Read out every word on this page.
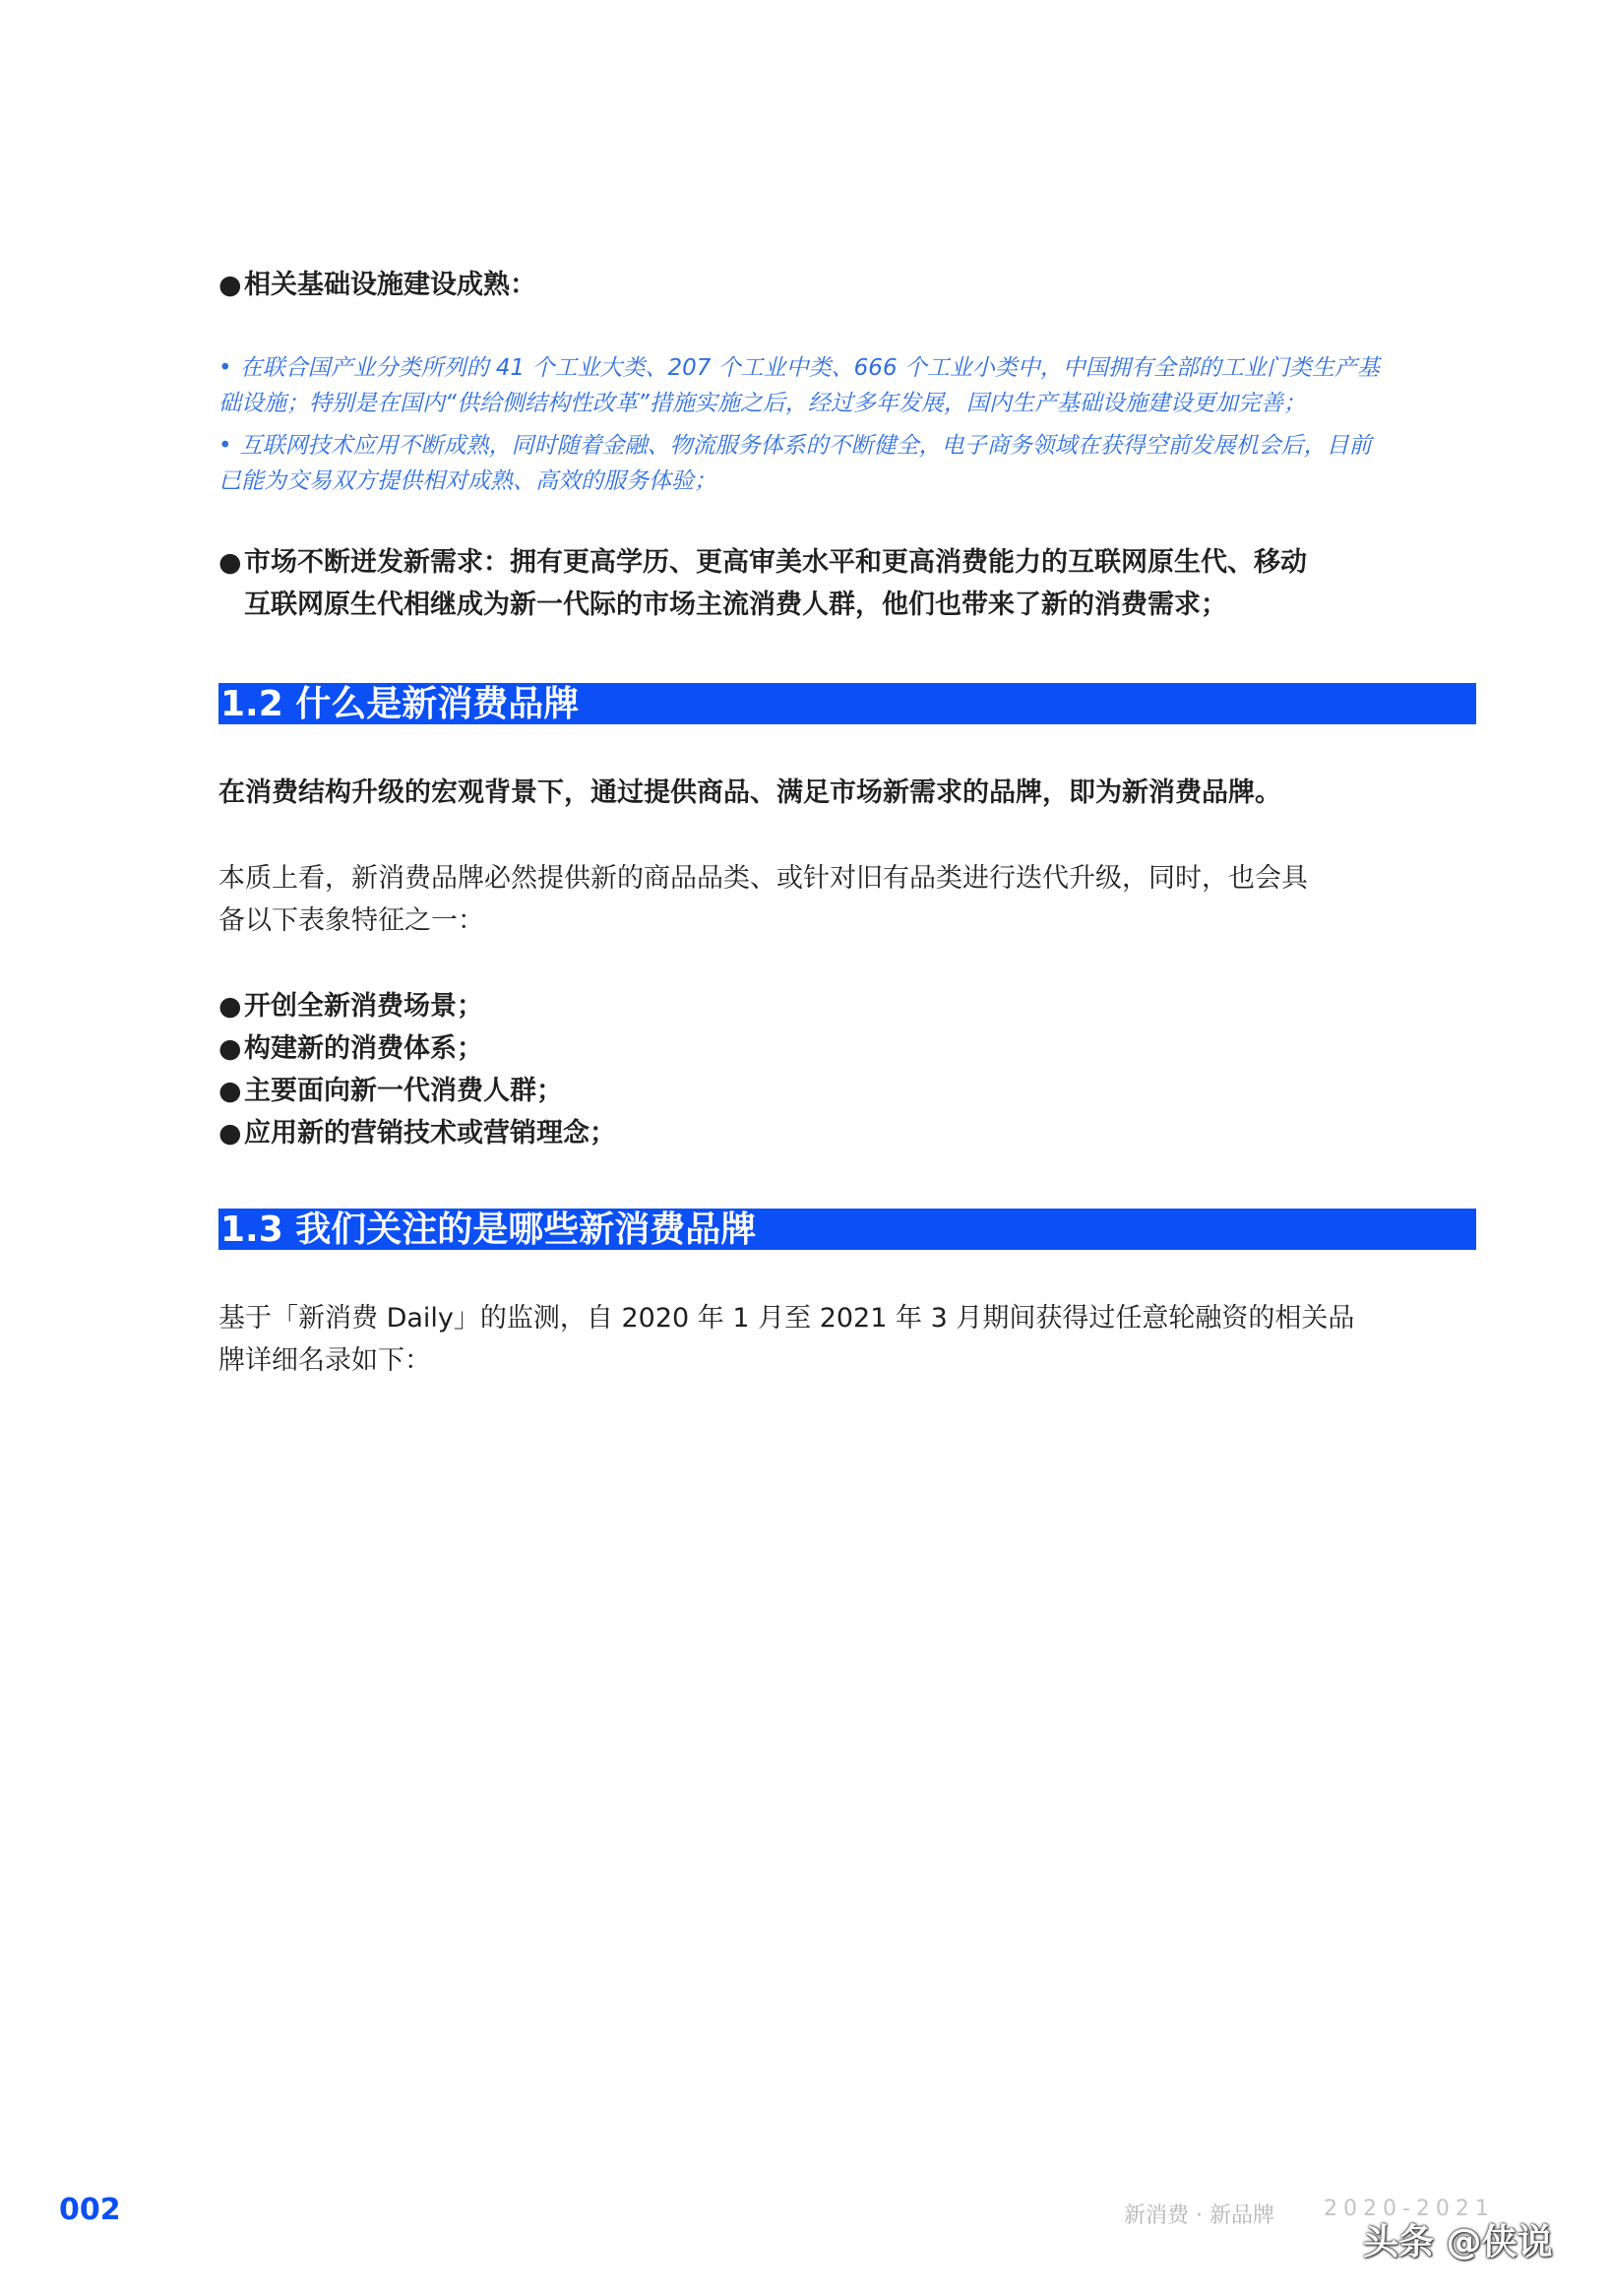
● 相关基础设施建设成熟：
• 在联合国产业分类所列的 41 个工业大类、207 个工业中类、666 个工业小类中，中国拥有全部的工业门类生产基
础设施；特别是在国内“供给侧结构性改革”措施实施之后，经过多年发展，国内生产基础设施建设更加完善；
• 互联网技术应用不断成熟，同时随着金融、物流服务体系的不断健全，电子商务领域在获得空前发展机会后，目前
已能为交易双方提供相对成熟、高效的服务体验；
● 市场不断迸发新需求：拥有更高学历、更高审美水平和更高消费能力的互联网原生代、移动
互联网原生代相继成为新一代际的市场主流消费人群，他们也带来了新的消费需求；
1.2 什么是新消费品牌
在消费结构升级的宏观背景下，通过提供商品、满足市场新需求的品牌，即为新消费品牌。
本质上看，新消费品牌必然提供新的商品品类、或针对旧有品类进行迭代升级，同时，也会具
备以下表象特征之一：
● 开创全新消费场景；
● 构建新的消费体系；
● 主要面向新一代消费人群；
● 应用新的营销技术或营销理念；
1.3 我们关注的是哪些新消费品牌
基于「新消费 Daily」的监测，自 2020 年 1 月至 2021 年 3 月期间获得过任意轮融资的相关品
牌详细名录如下：
002	新消费 · 新品牌 2020-2021
头条 @侠说
